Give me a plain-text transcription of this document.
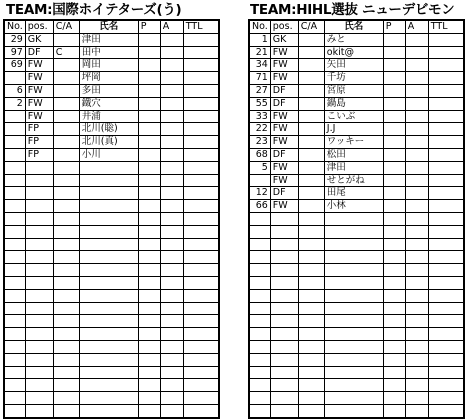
TEAM:国際ホイテターズ(う)	TEAM:HIHL選抜 ニューデビモン
No.	pos.	C/A	氏名	P	A	TTL
29	GK		津田			
97	DF	C	田中			
69	FW		岡田			
	FW		坪岡			
6	FW		多田			
2	FW		鐵穴			
	FW		井浦			
	FP		北川(聡)			
	FP		北川(真)			
	FP		小川			

No.	pos.	C/A	氏名	P	A	TTL
1	GK		みと			
21	FW		okit@			
34	FW		矢田			
71	FW		千坊			
27	DF		宮原			
55	DF		鍋島			
33	FW		こいぶ			
22	FW		J.J			
23	FW		ワッキー			
68	DF		松田			
5	FW		津田			
	FW		せとがね			
12	DF		田尾			
66	FW		小林			
